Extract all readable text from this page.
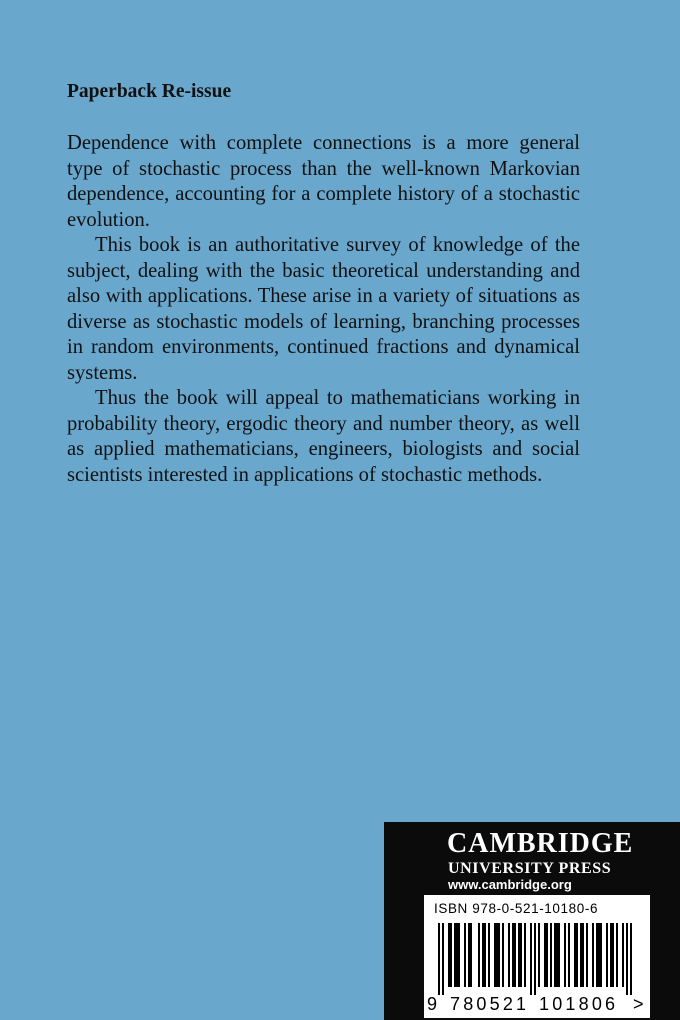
Paperback Re-issue

Dependence with complete connections is a more general type of stochastic process than the well-known Markovian dependence, accounting for a complete history of a stochastic evolution.

This book is an authoritative survey of knowledge of the subject, dealing with the basic theoretical understanding and also with applications. These arise in a variety of situations as diverse as stochastic models of learning, branching processes in random environments, continued fractions and dynamical systems.

Thus the book will appeal to mathematicians working in probability theory, ergodic theory and number theory, as well as applied mathematicians, engineers, biologists and social scientists interested in applications of stochastic methods.

CAMBRIDGE
UNIVERSITY PRESS
www.cambridge.org
ISBN 978-0-521-10180-6
9 780521 101806 >
